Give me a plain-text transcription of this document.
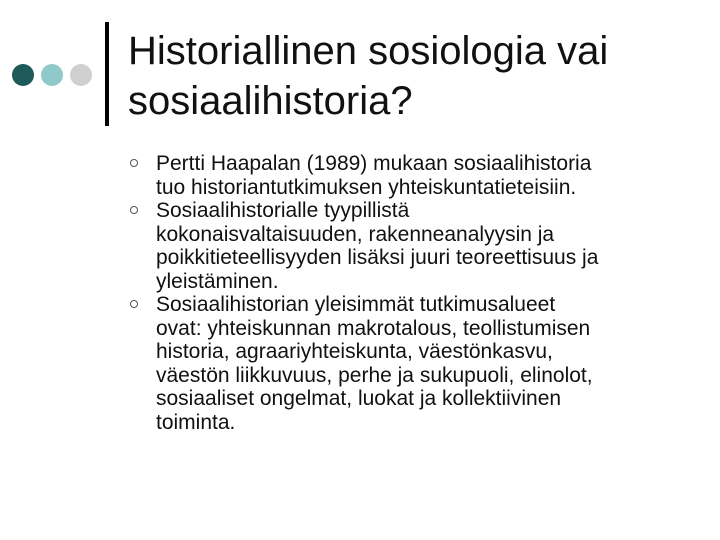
Historiallinen sosiologia vai
sosiaalihistoria?
Pertti Haapalan (1989) mukaan sosiaalihistoria
tuo historiantutkimuksen yhteiskuntatieteisiin.
Sosiaalihistorialle tyypillistä
kokonaisvaltaisuuden, rakenneanalyysin ja
poikkitieteellisyyden lisäksi juuri teoreettisuus ja
yleistäminen.
Sosiaalihistorian yleisimmät tutkimusalueet
ovat: yhteiskunnan makrotalous, teollistumisen
historia, agraariyhteiskunta, väestönkasvu,
väestön liikkuvuus, perhe ja sukupuoli, elinolot,
sosiaaliset ongelmat, luokat ja kollektiivinen
toiminta.
